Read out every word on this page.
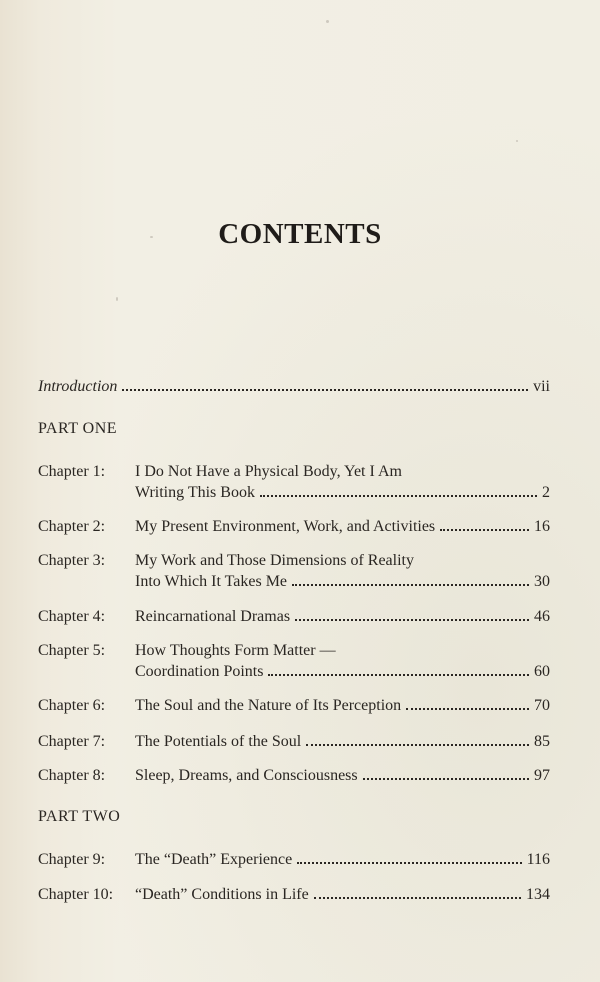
CONTENTS
Introduction	vii
PART ONE
Chapter 1:	I Do Not Have a Physical Body, Yet I Am
Writing This Book	2
Chapter 2:	My Present Environment, Work, and Activities	16
Chapter 3:	My Work and Those Dimensions of Reality
Into Which It Takes Me	30
Chapter 4:	Reincarnational Dramas	46
Chapter 5:	How Thoughts Form Matter —
Coordination Points	60
Chapter 6:	The Soul and the Nature of Its Perception	70
Chapter 7:	The Potentials of the Soul	85
Chapter 8:	Sleep, Dreams, and Consciousness	97
PART TWO
Chapter 9:	The “Death” Experience	116
Chapter 10:	“Death” Conditions in Life	134
